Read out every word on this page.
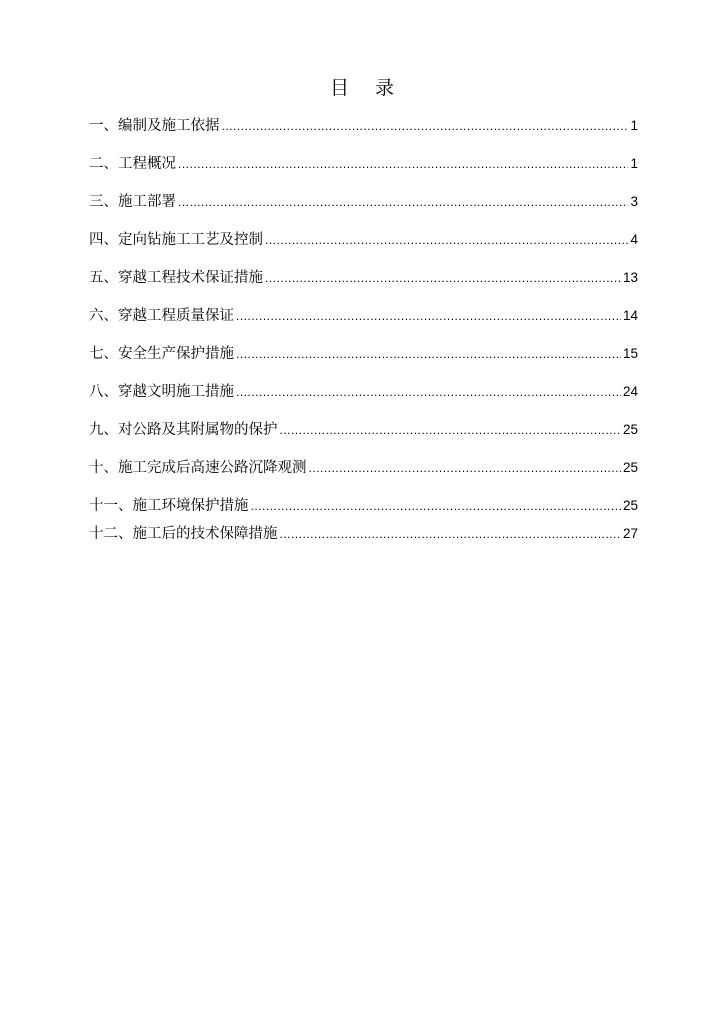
目 录
一、编制及施工依据 .....	1
二、工程概况 .....	1
三、施工部署 .....	3
四、定向钻施工工艺及控制 .....	4
五、穿越工程技术保证措施 .....	13
六、穿越工程质量保证 .....	14
七、安全生产保护措施 .....	15
八、穿越文明施工措施 .....	24
九、对公路及其附属物的保护 .....	25
十、施工完成后高速公路沉降观测 .....	25
十一、施工环境保护措施 .....	25
十二、施工后的技术保障措施 .....	27
